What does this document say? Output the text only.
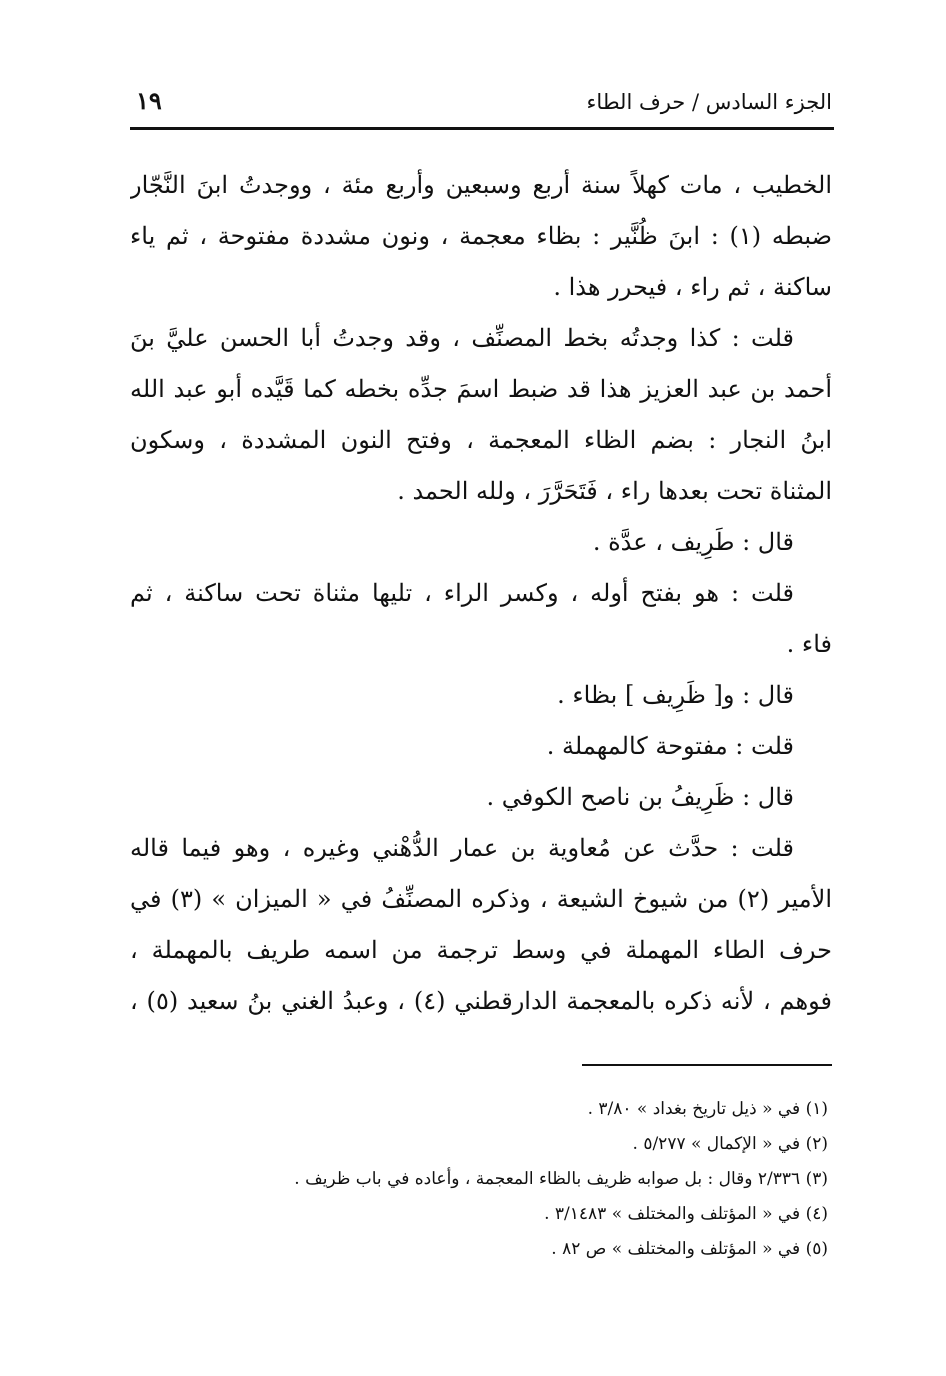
الجزء السادس / حرف الطاء
١٩
الخطيب ، مات كهلاً سنة أربع وسبعين وأربع مئة ، ووجدتُ ابنَ النَّجّار
ضبطه (١) : ابنَ ظُنَّير : بظاء معجمة ، ونون مشددة مفتوحة ، ثم ياء
ساكنة ، ثم راء ، فيحرر هذا .
قلت : كذا وجدتُه بخط المصنِّف ، وقد وجدتُ أبا الحسن عليَّ بنَ
أحمد بن عبد العزيز هذا قد ضبط اسمَ جدِّه بخطه كما قَيَّده أبو عبد الله
ابنُ النجار : بضم الظاء المعجمة ، وفتح النون المشددة ، وسكون
المثناة تحت بعدها راء ، فَتَحَرَّرَ ، ولله الحمد .
قال : طَرِيف ، عدَّة .
قلت : هو بفتح أوله ، وكسر الراء ، تليها مثناة تحت ساكنة ، ثم
فاء .
قال : و[ ظَرِيف ] بظاء .
قلت : مفتوحة كالمهملة .
قال : ظَرِيفُ بن ناصح الكوفي .
قلت : حدَّث عن مُعاوية بن عمار الدُّهْني وغيره ، وهو فيما قاله
الأمير (٢) من شيوخ الشيعة ، وذكره المصنِّفُ في « الميزان » (٣) في
حرف الطاء المهملة في وسط ترجمة من اسمه طريف بالمهملة ،
فوهم ، لأنه ذكره بالمعجمة الدارقطني (٤) ، وعبدُ الغني بنُ سعيد (٥) ،
(١) في « ذيل تاريخ بغداد » ٣/٨٠ .
(٢) في « الإكمال » ٥/٢٧٧ .
(٣) ٢/٣٣٦ وقال : بل صوابه ظريف بالظاء المعجمة ، وأعاده في باب ظريف .
(٤) في « المؤتلف والمختلف » ٣/١٤٨٣ .
(٥) في « المؤتلف والمختلف » ص ٨٢ .
